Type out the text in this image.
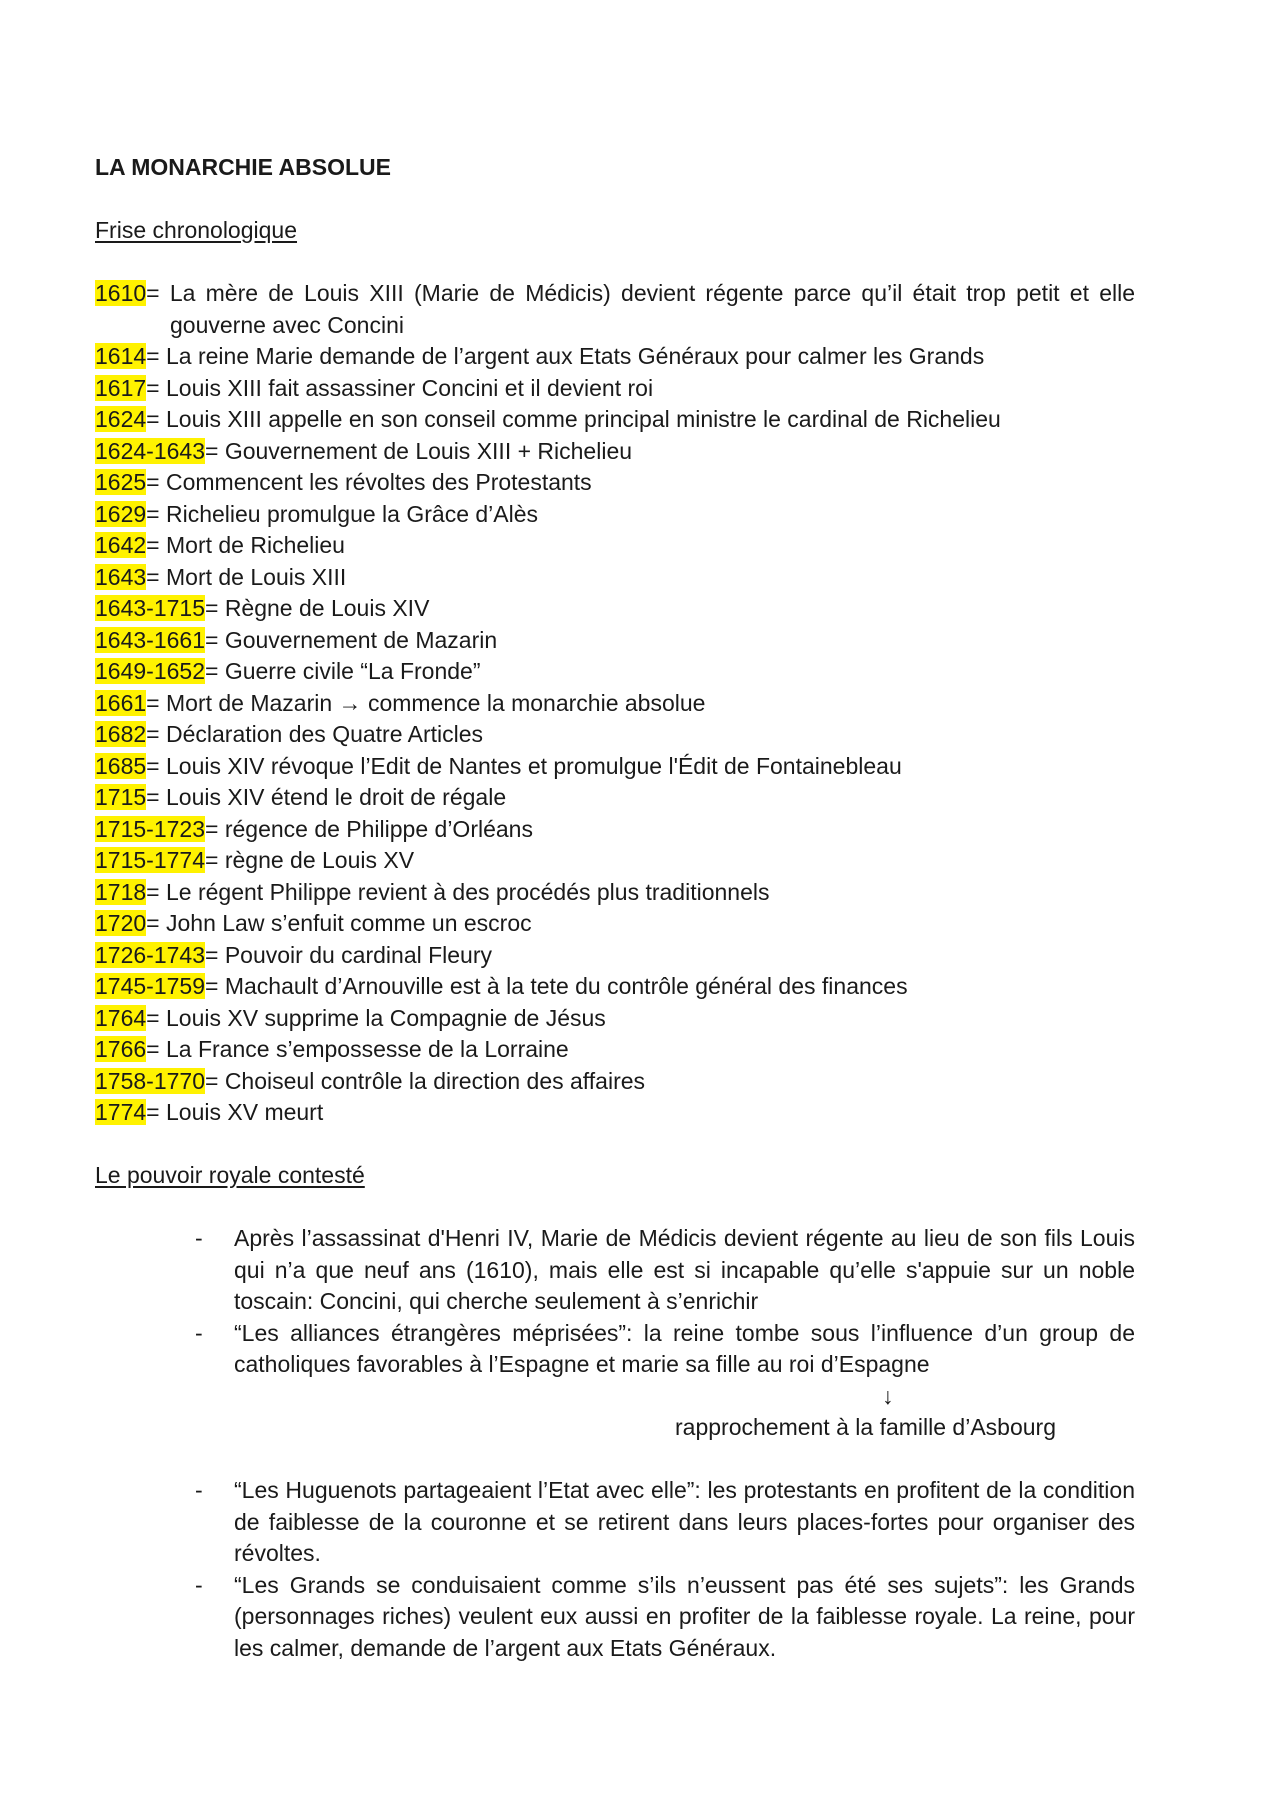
LA MONARCHIE ABSOLUE
Frise chronologique
1610= La mère de Louis XIII (Marie de Médicis) devient régente parce qu’il était trop petit et elle gouverne avec Concini
1614= La reine Marie demande de l’argent aux Etats Généraux pour calmer les Grands
1617= Louis XIII fait assassiner Concini et il devient roi
1624= Louis XIII appelle en son conseil comme principal ministre le cardinal de Richelieu
1624-1643= Gouvernement de Louis XIII + Richelieu
1625= Commencent les révoltes des Protestants
1629= Richelieu promulgue la Grâce d’Alès
1642= Mort de Richelieu
1643= Mort de Louis XIII
1643-1715= Règne de Louis XIV
1643-1661= Gouvernement de Mazarin
1649-1652= Guerre civile “La Fronde”
1661= Mort de Mazarin → commence la monarchie absolue
1682= Déclaration des Quatre Articles
1685= Louis XIV révoque l’Edit de Nantes et promulgue l'Édit de Fontainebleau
1715= Louis XIV étend le droit de régale
1715-1723= régence de Philippe d’Orléans
1715-1774= règne de Louis XV
1718= Le régent Philippe revient à des procédés plus traditionnels
1720= John Law s’enfuit comme un escroc
1726-1743= Pouvoir du cardinal Fleury
1745-1759= Machault d’Arnouville est à la tete du contrôle général des finances
1764= Louis XV supprime la Compagnie de Jésus
1766= La France s’empossesse de la Lorraine
1758-1770= Choiseul contrôle la direction des affaires
1774= Louis XV meurt
Le pouvoir royale contesté
- Après l’assassinat d'Henri IV, Marie de Médicis devient régente au lieu de son fils Louis qui n’a que neuf ans (1610), mais elle est si incapable qu’elle s'appuie sur un noble toscain: Concini, qui cherche seulement à s’enrichir
- “Les alliances étrangères méprisées”: la reine tombe sous l’influence d’un group de catholiques favorables à l’Espagne et marie sa fille au roi d’Espagne
↓
rapprochement à la famille d’Asbourg
- “Les Huguenots partageaient l’Etat avec elle”: les protestants en profitent de la condition de faiblesse de la couronne et se retirent dans leurs places-fortes pour organiser des révoltes.
- “Les Grands se conduisaient comme s’ils n’eussent pas été ses sujets”: les Grands (personnages riches) veulent eux aussi en profiter de la faiblesse royale. La reine, pour les calmer, demande de l’argent aux Etats Généraux.
